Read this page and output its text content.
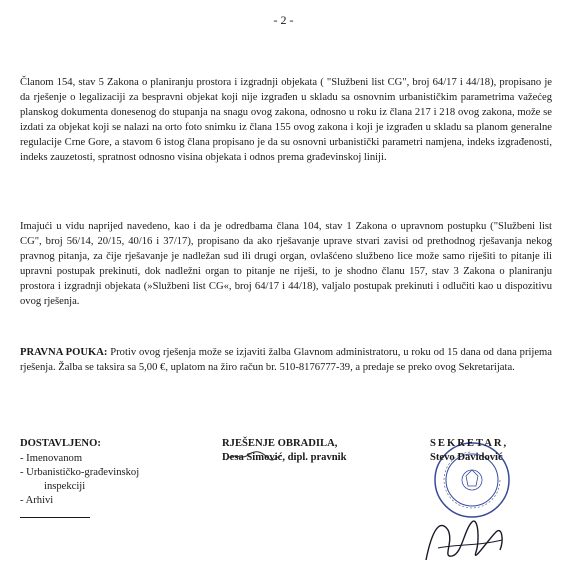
- 2 -

Članom 154, stav 5 Zakona o planiranju prostora i izgradnji objekata ( "Službeni list CG", broj 64/17 i 44/18), propisano je da rješenje o legalizaciji za bespravni objekat koji nije izgrađen u skladu sa osnovnim urbanističkim parametrima važećeg planskog dokumenta donesenog do stupanja na snagu ovog zakona, odnosno u roku iz člana 217 i 218 ovog zakona, može se izdati za objekat koji se nalazi na orto foto snimku iz člana 155 ovog zakona i koji je izgrađen u skladu sa planom generalne regulacije Crne Gore, a stavom 6 istog člana propisano je da su osnovni urbanistički parametri namjena, indeks izgrađenosti, indeks zauzetosti, spratnost odnosno visina objekata i odnos prema građevinskoj liniji.

Imajući u vidu naprijed navedeno, kao i da je odredbama člana 104, stav 1 Zakona o upravnom postupku ("Službeni list CG", broj 56/14, 20/15, 40/16 i 37/17), propisano da ako rješavanje uprave stvari zavisi od prethodnog rješavanja nekog pravnog pitanja, za čije rješavanje je nadležan sud ili drugi organ, ovlašćeno službeno lice može samo riješiti to pitanje ili upravni postupak prekinuti, dok nadležni organ to pitanje ne riješi, to je shodno članu 157, stav 3 Zakona o planiranju prostora i izgradnji objekata (»Službeni list CG«, broj 64/17 i 44/18), valjalo postupak prekinuti i odlučiti kao u dispozitivu ovog rješenja.

PRAVNA POUKA: Protiv ovog rješenja može se izjaviti žalba Glavnom administratoru, u roku od 15 dana od dana prijema rješenja. Žalba se taksira sa 5,00 €, uplatom na žiro račun br. 510-8176777-39, a predaje se preko ovog Sekretarijata.

DOSTAVLJENO:
- Imenovanom
- Urbanističko-građevinskoj
inspekciji
- Arhivi
RJEŠENJE OBRADILA,
Desa Simović, dipl. pravnik
SEKRETAR,
Stevo Davidović
